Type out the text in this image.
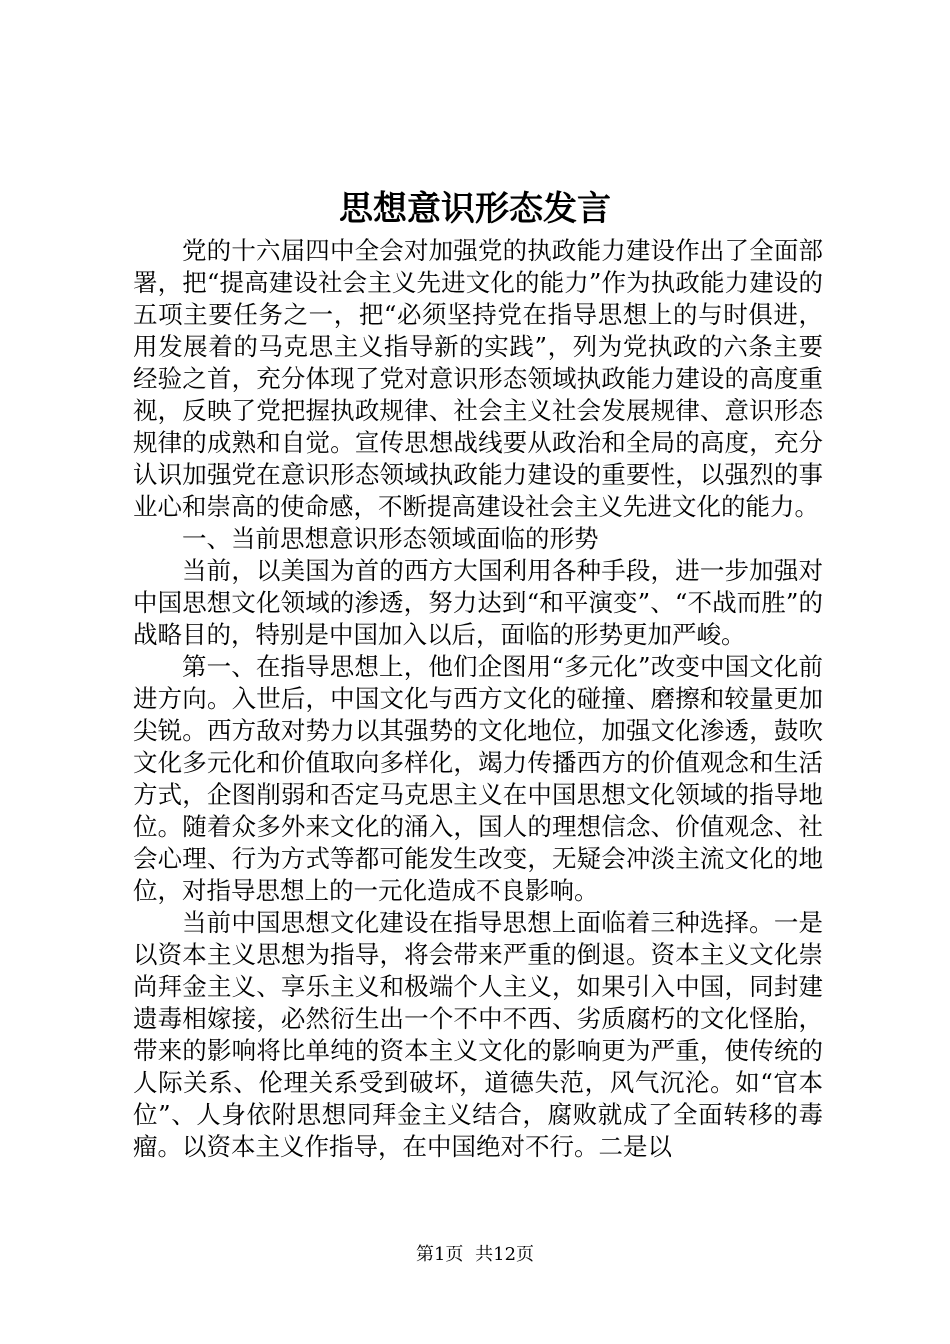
思想意识形态发言

党的十六届四中全会对加强党的执政能力建设作出了全面部署，把“提高建设社会主义先进文化的能力”作为执政能力建设的五项主要任务之一，把“必须坚持党在指导思想上的与时俱进，用发展着的马克思主义指导新的实践”，列为党执政的六条主要经验之首，充分体现了党对意识形态领域执政能力建设的高度重视，反映了党把握执政规律、社会主义社会发展规律、意识形态规律的成熟和自觉。宣传思想战线要从政治和全局的高度，充分认识加强党在意识形态领域执政能力建设的重要性，以强烈的事业心和崇高的使命感，不断提高建设社会主义先进文化的能力。

一、当前思想意识形态领域面临的形势

当前，以美国为首的西方大国利用各种手段，进一步加强对中国思想文化领域的渗透，努力达到“和平演变”、“不战而胜”的战略目的，特别是中国加入以后，面临的形势更加严峻。

第一、在指导思想上，他们企图用“多元化”改变中国文化前进方向。入世后，中国文化与西方文化的碰撞、磨擦和较量更加尖锐。西方敌对势力以其强势的文化地位，加强文化渗透，鼓吹文化多元化和价值取向多样化，竭力传播西方的价值观念和生活方式，企图削弱和否定马克思主义在中国思想文化领域的指导地位。随着众多外来文化的涌入，国人的理想信念、价值观念、社会心理、行为方式等都可能发生改变，无疑会冲淡主流文化的地位，对指导思想上的一元化造成不良影响。

当前中国思想文化建设在指导思想上面临着三种选择。一是以资本主义思想为指导，将会带来严重的倒退。资本主义文化崇尚拜金主义、享乐主义和极端个人主义，如果引入中国，同封建遗毒相嫁接，必然衍生出一个不中不西、劣质腐朽的文化怪胎，带来的影响将比单纯的资本主义文化的影响更为严重，使传统的人际关系、伦理关系受到破坏，道德失范，风气沉沦。如“官本位”、人身依附思想同拜金主义结合，腐败就成了全面转移的毒瘤。以资本主义作指导，在中国绝对不行。二是以

第1页 共12页
